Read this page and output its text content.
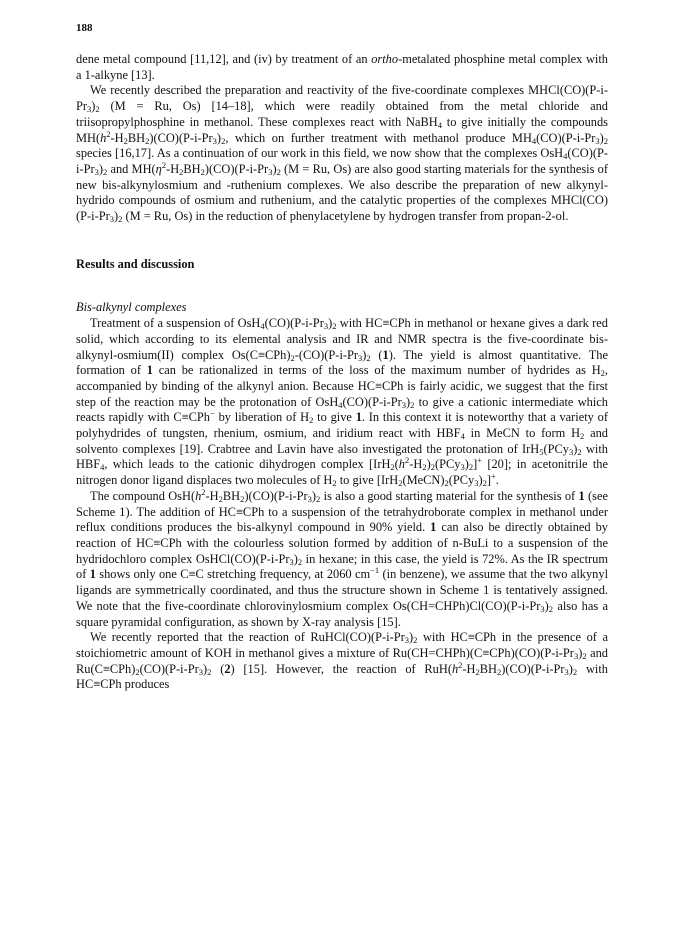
188

dene metal compound [11,12], and (iv) by treatment of an ortho-metalated phosphine metal complex with a 1-alkyne [13].

We recently described the preparation and reactivity of the five-coordinate complexes $MHCl(CO)(P-i-Pr_3)_2$ (M = Ru, Os) [14–18], which were readily obtained from the metal chloride and triisopropylphosphine in methanol. These complexes react with NaBH$_4$ to give initially the compounds $MH(h^2-H_2BH_2)(CO)(P-i-Pr_3)_2$, which on further treatment with methanol produce $MH_4(CO)(P-i-Pr_3)_2$ species [16,17]. As a continuation of our work in this field, we now show that the complexes $OsH_4(CO)(P-i-Pr_3)_2$ and $MH(\eta^2-H_2BH_2)(CO)(P-i-Pr_3)_2$ (M = Ru, Os) are also good starting materials for the synthesis of new bis-alkynylosmium and -ruthenium complexes. We also describe the preparation of new alkynyl-hydrido compounds of osmium and ruthenium, and the catalytic properties of the complexes $MHCl(CO)(P-i-Pr_3)_2$ (M = Ru, Os) in the reduction of phenylacetylene by hydrogen transfer from propan-2-ol.

Results and discussion

Bis-alkynyl complexes

Treatment of a suspension of $OsH_4(CO)(P-i-Pr_3)_2$ with HC≡CPh in methanol or hexane gives a dark red solid, which according to its elemental analysis and IR and NMR spectra is the five-coordinate bis-alkynyl-osmium(II) complex $Os(C\equiv CPh)_2-(CO)(P-i-Pr_3)_2$ (1). The yield is almost quantitative. The formation of 1 can be rationalized in terms of the loss of the maximum number of hydrides as $H_2$, accompanied by binding of the alkynyl anion. Because HC≡CPh is fairly acidic, we suggest that the first step of the reaction may be the protonation of $OsH_4(CO)(P-i-Pr_3)_2$ to give a cationic intermediate which reacts rapidly with C≡CPh− by liberation of $H_2$ to give 1. In this context it is noteworthy that a variety of polyhydrides of tungsten, rhenium, osmium, and iridium react with $HBF_4$ in MeCN to form $H_2$ and solvento complexes [19]. Crabtree and Lavin have also investigated the protonation of $IrH_5(PCy_3)_2$ with $HBF_4$, which leads to the cationic dihydrogen complex $[IrH_2(h^2-H_2)_2(PCy_3)_2]^+$ [20]; in acetonitrile the nitrogen donor ligand displaces two molecules of $H_2$ to give $[IrH_2(MeCN)_2(PCy_3)_2]^+$.

The compound $OsH(h^2-H_2BH_2)(CO)(P-i-Pr_3)_2$ is also a good starting material for the synthesis of 1 (see Scheme 1). The addition of HC≡CPh to a suspension of the tetrahydroborate complex in methanol under reflux conditions produces the bis-alkynyl compound in 90% yield. 1 can also be directly obtained by reaction of HC≡CPh with the colourless solution formed by addition of n-BuLi to a suspension of the hydridochloro complex $OsHCl(CO)(P-i-Pr_3)_2$ in hexane; in this case, the yield is 72%. As the IR spectrum of 1 shows only one C≡C stretching frequency, at 2060 $cm^{-1}$ (in benzene), we assume that the two alkynyl ligands are symmetrically coordinated, and thus the structure shown in Scheme 1 is tentatively assigned. We note that the five-coordinate chlorovinylosmium complex $Os(CH=CHPh)Cl(CO)(P-i-Pr_3)_2$ also has a square pyramidal configuration, as shown by X-ray analysis [15].

We recently reported that the reaction of $RuHCl(CO)(P-i-Pr_3)_2$ with HC≡CPh in the presence of a stoichiometric amount of KOH in methanol gives a mixture of $Ru(CH=CHPh)(C\equiv CPh)(CO)(P-i-Pr_3)_2$ and $Ru(C\equiv CPh)_2(CO)(P-i-Pr_3)_2$ (2) [15]. However, the reaction of $RuH(h^2-H_2BH_2)(CO)(P-i-Pr_3)_2$ with HC≡CPh produces
